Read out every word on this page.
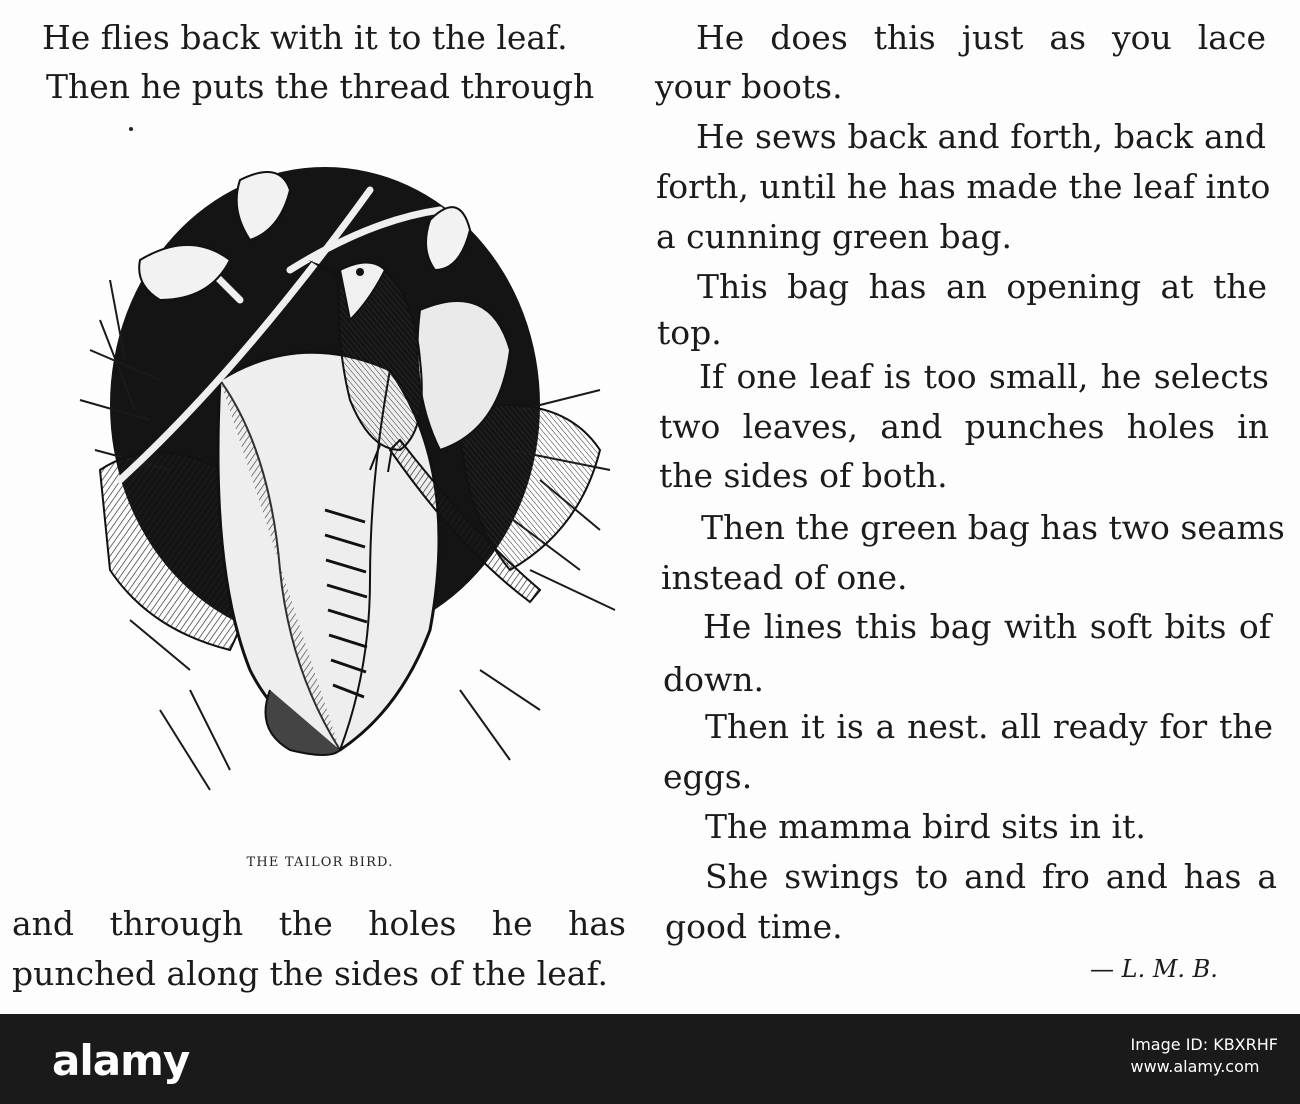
He flies back with it to the leaf.

Then he puts the thread through

THE TAILOR BIRD.

and through the holes he has

punched along the sides of the leaf.

He does this just as you lace

your boots.

He sews back and forth, back and

forth, until he has made the leaf into

a cunning green bag.

This bag has an opening at the

top.

If one leaf is too small, he selects

two leaves, and punches holes in

the sides of both.

Then the green bag has two seams

instead of one.

He lines this bag with soft bits of

down.

Then it is a nest. all ready for the

eggs.

The mamma bird sits in it.

She swings to and fro and has a

good time.

— L. M. B.

alamy	Image ID: KBXRHF
www.alamy.com
